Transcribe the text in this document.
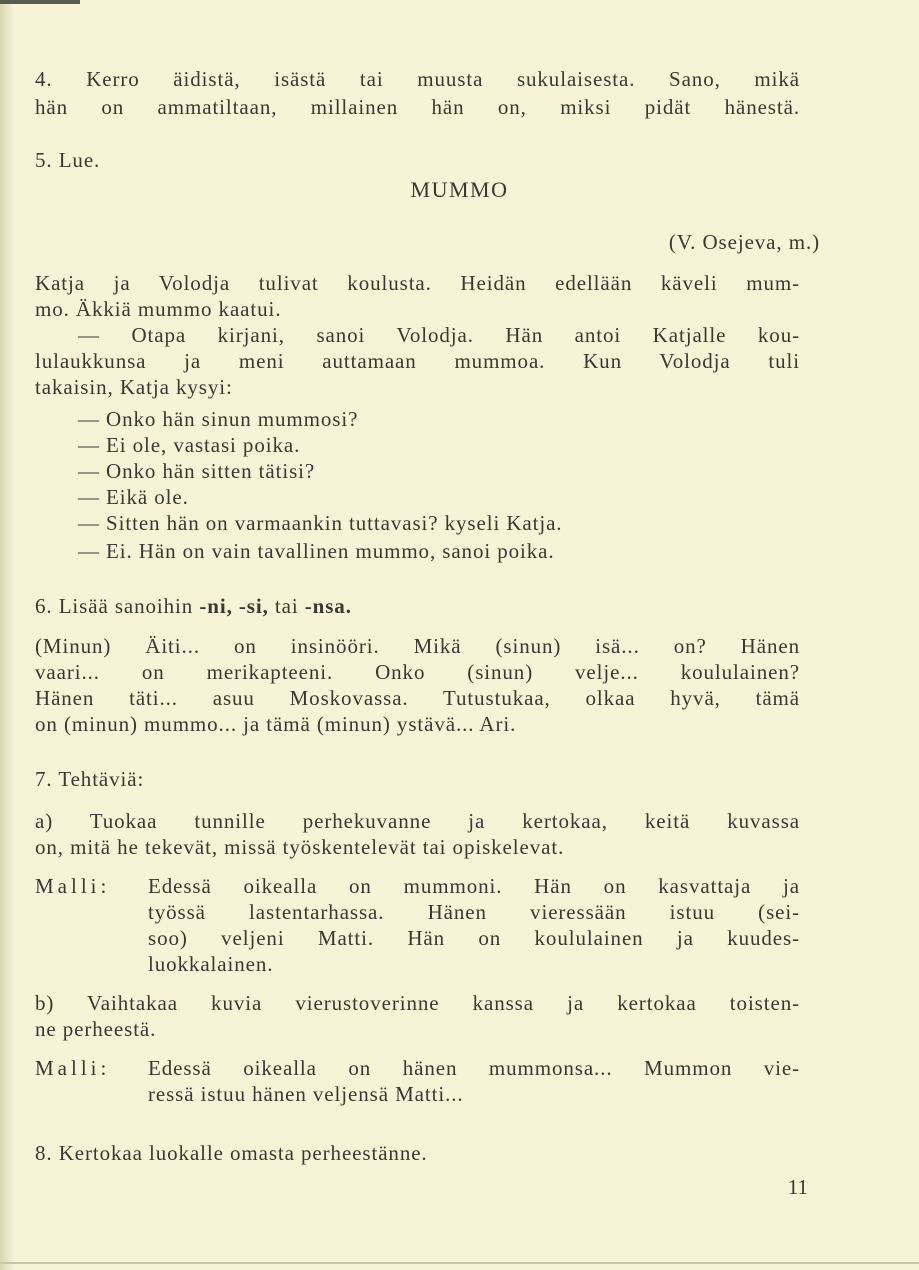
4. Kerro äidistä, isästä tai muusta sukulaisesta. Sano, mikä
hän on ammatiltaan, millainen hän on, miksi pidät hänestä.
5. Lue.
MUMMO
(V. Osejeva, m.)
Katja ja Volodja tulivat koulusta. Heidän edellään käveli mum-
mo. Äkkiä mummo kaatui.
— Otapa kirjani, sanoi Volodja. Hän antoi Katjalle kou-
lulaukkunsa ja meni auttamaan mummoa. Kun Volodja tuli
takaisin, Katja kysyi:
— Onko hän sinun mummosi?
— Ei ole, vastasi poika.
— Onko hän sitten tätisi?
— Eikä ole.
— Sitten hän on varmaankin tuttavasi? kyseli Katja.
— Ei. Hän on vain tavallinen mummo, sanoi poika.
6. Lisää sanoihin -ni, -si, tai -nsa.
(Minun) Äiti... on insinööri. Mikä (sinun) isä... on? Hänen
vaari... on merikapteeni. Onko (sinun) velje... koululainen?
Hänen täti... asuu Moskovassa. Tutustukaa, olkaa hyvä, tämä
on (minun) mummo... ja tämä (minun) ystävä... Ari.
7. Tehtäviä:
a) Tuokaa tunnille perhekuvanne ja kertokaa, keitä kuvassa
on, mitä he tekevät, missä työskentelevät tai opiskelevat.
Malli:	Edessä oikealla on mummoni. Hän on kasvattaja ja
työssä lastentarhassa. Hänen vieressään istuu (sei-
soo) veljeni Matti. Hän on koululainen ja kuudes-
luokkalainen.
b) Vaihtakaa kuvia vierustoverinne kanssa ja kertokaa toisten-
ne perheestä.
Malli:	Edessä oikealla on hänen mummonsa... Mummon vie-
ressä istuu hänen veljensä Matti...
8. Kertokaa luokalle omasta perheestänne.
11
